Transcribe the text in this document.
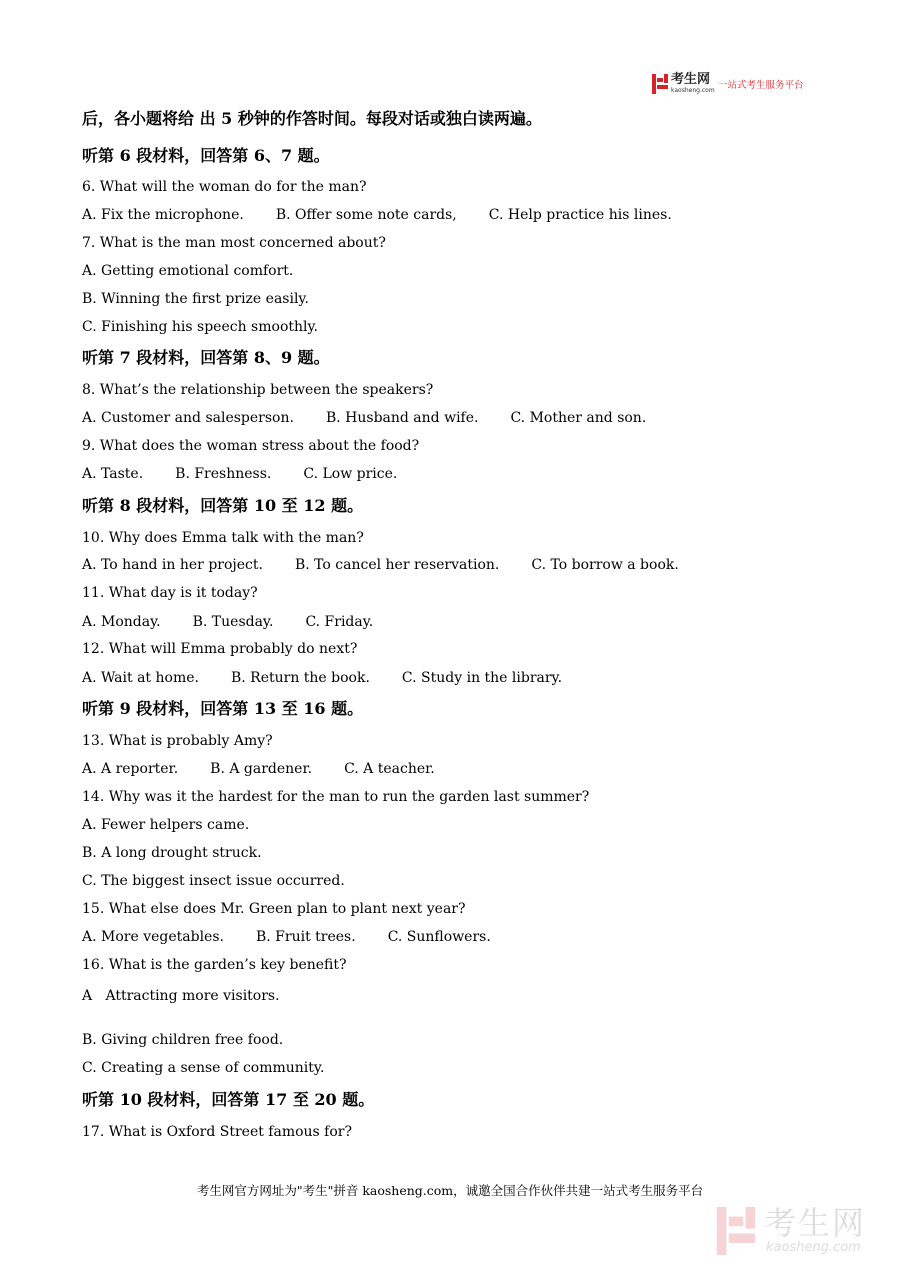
考生网
kaosheng.com 一站式考生服务平台
后，各小题将给 出 5 秒钟的作答时间。每段对话或独白读两遍。
听第 6 段材料，回答第 6、7 题。
6. What will the woman do for the man?
A. Fix the microphone. B. Offer some note cards, C. Help practice his lines.
7. What is the man most concerned about?
A. Getting emotional comfort.
B. Winning the first prize easily.
C. Finishing his speech smoothly.
听第 7 段材料，回答第 8、9 题。
8. What’s the relationship between the speakers?
A. Customer and salesperson. B. Husband and wife. C. Mother and son.
9. What does the woman stress about the food?
A. Taste. B. Freshness. C. Low price.
听第 8 段材料，回答第 10 至 12 题。
10. Why does Emma talk with the man?
A. To hand in her project. B. To cancel her reservation. C. To borrow a book.
11. What day is it today?
A. Monday. B. Tuesday. C. Friday.
12. What will Emma probably do next?
A. Wait at home. B. Return the book. C. Study in the library.
听第 9 段材料，回答第 13 至 16 题。
13. What is probably Amy?
A. A reporter. B. A gardener. C. A teacher.
14. Why was it the hardest for the man to run the garden last summer?
A. Fewer helpers came.
B. A long drought struck.
C. The biggest insect issue occurred.
15. What else does Mr. Green plan to plant next year?
A. More vegetables. B. Fruit trees. C. Sunflowers.
16. What is the garden’s key benefit?
A   Attracting more visitors.
B. Giving children free food.
C. Creating a sense of community.
听第 10 段材料，回答第 17 至 20 题。
17. What is Oxford Street famous for?
考生网官方网址为"考生"拼音 kaosheng.com，诚邀全国合作伙伴共建一站式考生服务平台
考生网
kaosheng.com
